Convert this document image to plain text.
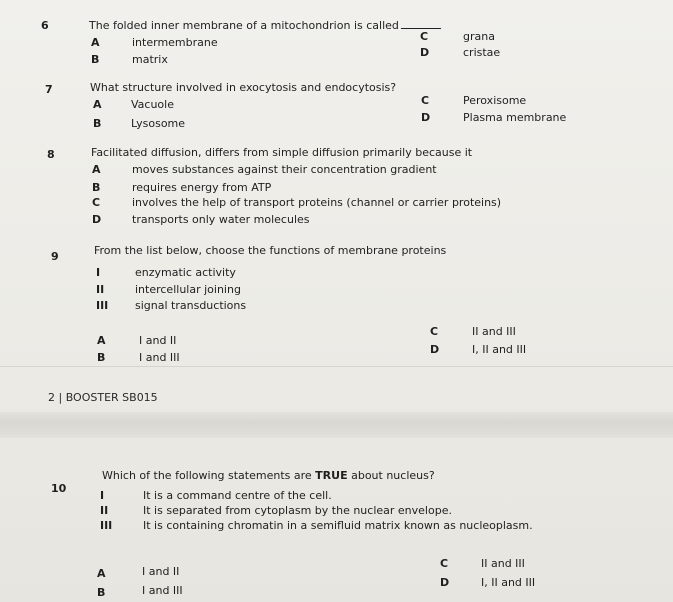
6	The folded inner membrane of a mitochondrion is called
A	intermembrane
B	matrix
C	grana
D	cristae
7	What structure involved in exocytosis and endocytosis?
A	Vacuole
B	Lysosome
C	Peroxisome
D	Plasma membrane
8	Facilitated diffusion, differs from simple diffusion primarily because it
A	moves substances against their concentration gradient
B	requires energy from ATP
C	involves the help of transport proteins (channel or carrier proteins)
D	transports only water molecules
9	From the list below, choose the functions of membrane proteins
I	enzymatic activity
II	intercellular joining
III signal transductions
A	I and II
B	I and III
C	II and III
D	I, II and III
2 | BOOSTER SB015
10
Which of the following statements are TRUE about nucleus?
I	It is a command centre of the cell.
II	It is separated from cytoplasm by the nuclear envelope.
III	It is containing chromatin in a semifluid matrix known as nucleoplasm.
A	I and II
B	I and III
C	II and III
D	I, II and III
